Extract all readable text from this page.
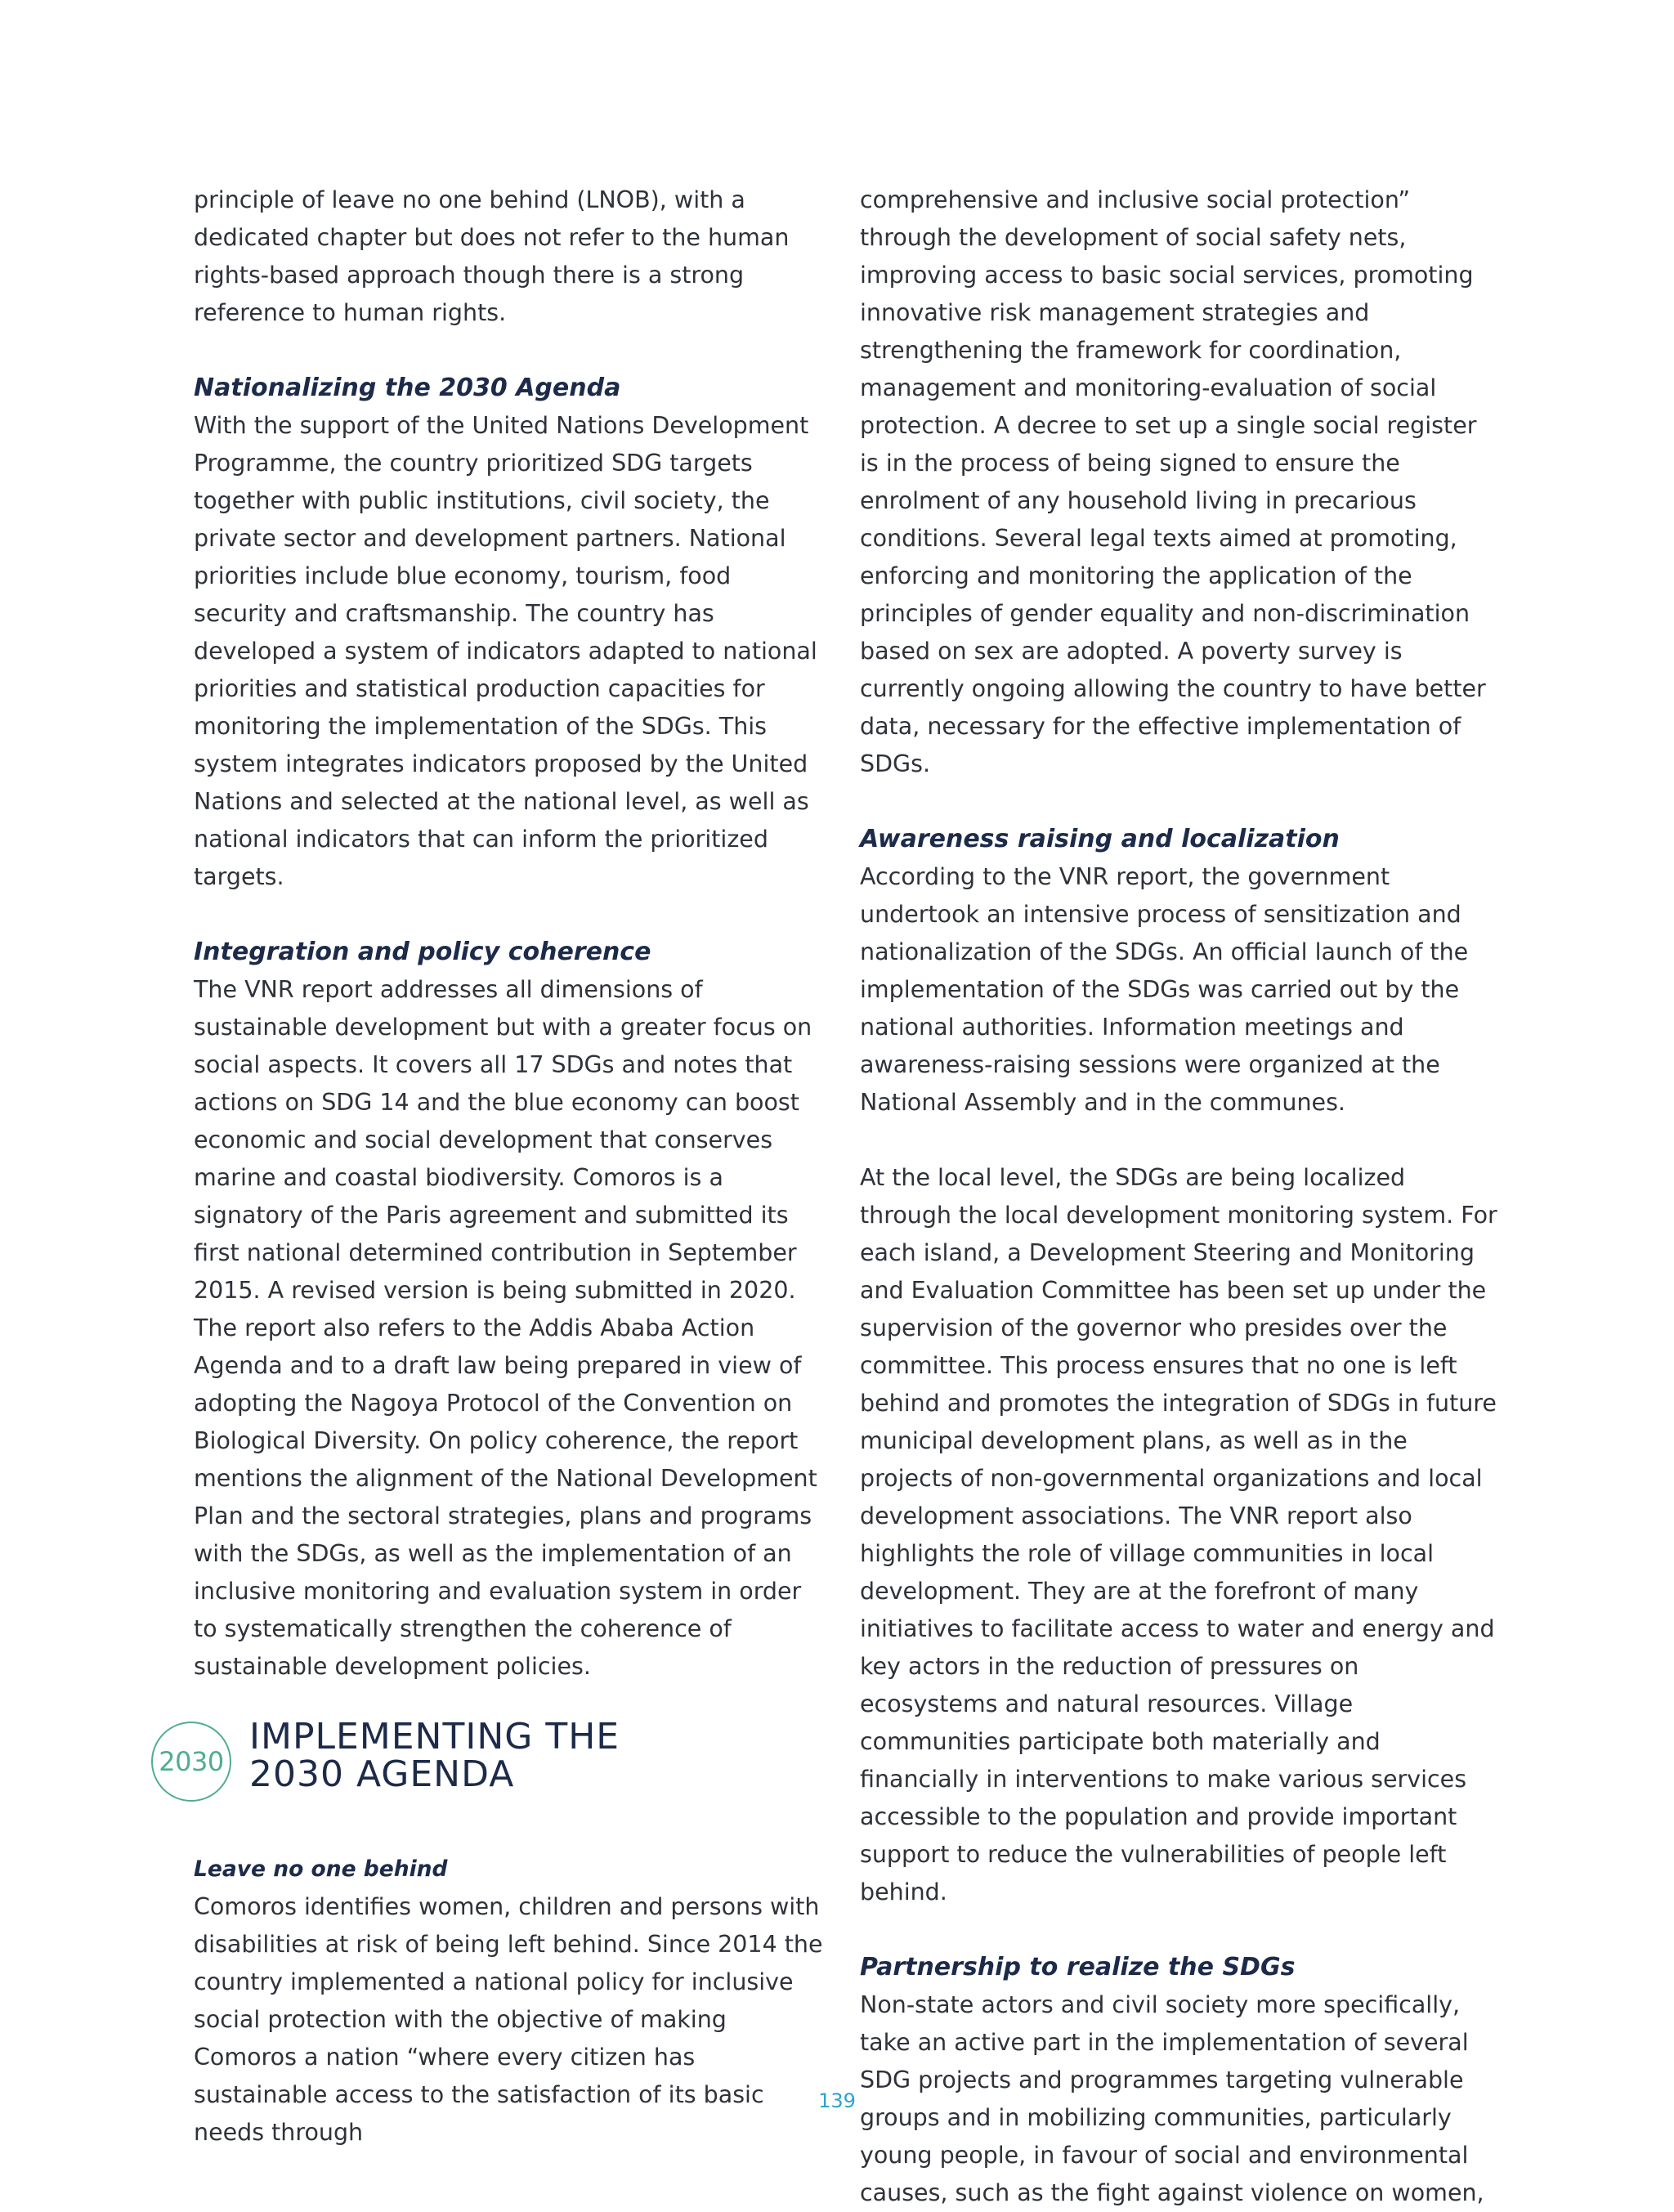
principle of leave no one behind (LNOB), with a dedicated chapter but does not refer to the human rights-based approach though there is a strong reference to human rights.

Nationalizing the 2030 Agenda

With the support of the United Nations Development Programme, the country prioritized SDG targets together with public institutions, civil society, the private sector and development partners. National priorities include blue economy, tourism, food security and craftsmanship. The country has developed a system of indicators adapted to national priorities and statistical production capacities for monitoring the implementation of the SDGs. This system integrates indicators proposed by the United Nations and selected at the national level, as well as national indicators that can inform the prioritized targets.

Integration and policy coherence

The VNR report addresses all dimensions of sustainable development but with a greater focus on social aspects. It covers all 17 SDGs and notes that actions on SDG 14 and the blue economy can boost economic and social development that conserves marine and coastal biodiversity. Comoros is a signatory of the Paris agreement and submitted its first national determined contribution in September 2015. A revised version is being submitted in 2020. The report also refers to the Addis Ababa Action Agenda and to a draft law being prepared in view of adopting the Nagoya Protocol of the Convention on Biological Diversity. On policy coherence, the report mentions the alignment of the National Development Plan and the sectoral strategies, plans and programs with the SDGs, as well as the implementation of an inclusive monitoring and evaluation system in order to systematically strengthen the coherence of sustainable development policies.

2030
IMPLEMENTING THE 2030 AGENDA
Leave no one behind

Comoros identifies women, children and persons with disabilities at risk of being left behind. Since 2014 the country implemented a national policy for inclusive social protection with the objective of making Comoros a nation “where every citizen has sustainable access to the satisfaction of its basic needs through

comprehensive and inclusive social protection” through the development of social safety nets, improving access to basic social services, promoting innovative risk management strategies and strengthening the framework for coordination, management and monitoring-evaluation of social protection. A decree to set up a single social register is in the process of being signed to ensure the enrolment of any household living in precarious conditions. Several legal texts aimed at promoting, enforcing and monitoring the application of the principles of gender equality and non-discrimination based on sex are adopted. A poverty survey is currently ongoing allowing the country to have better data, necessary for the effective implementation of SDGs.

Awareness raising and localization

According to the VNR report, the government undertook an intensive process of sensitization and nationalization of the SDGs. An official launch of the implementation of the SDGs was carried out by the national authorities. Information meetings and awareness-raising sessions were organized at the National Assembly and in the communes.

At the local level, the SDGs are being localized through the local development monitoring system. For each island, a Development Steering and Monitoring and Evaluation Committee has been set up under the supervision of the governor who presides over the committee. This process ensures that no one is left behind and promotes the integration of SDGs in future municipal development plans, as well as in the projects of non-governmental organizations and local development associations. The VNR report also highlights the role of village communities in local development. They are at the forefront of many initiatives to facilitate access to water and energy and key actors in the reduction of pressures on ecosystems and natural resources. Village communities participate both materially and financially in interventions to make various services accessible to the population and provide important support to reduce the vulnerabilities of people left behind.

Partnership to realize the SDGs

Non-state actors and civil society more specifically, take an active part in the implementation of several SDG projects and programmes targeting vulnerable groups and in mobilizing communities, particularly young people, in favour of social and environmental causes, such as the fight against violence on women,

139
